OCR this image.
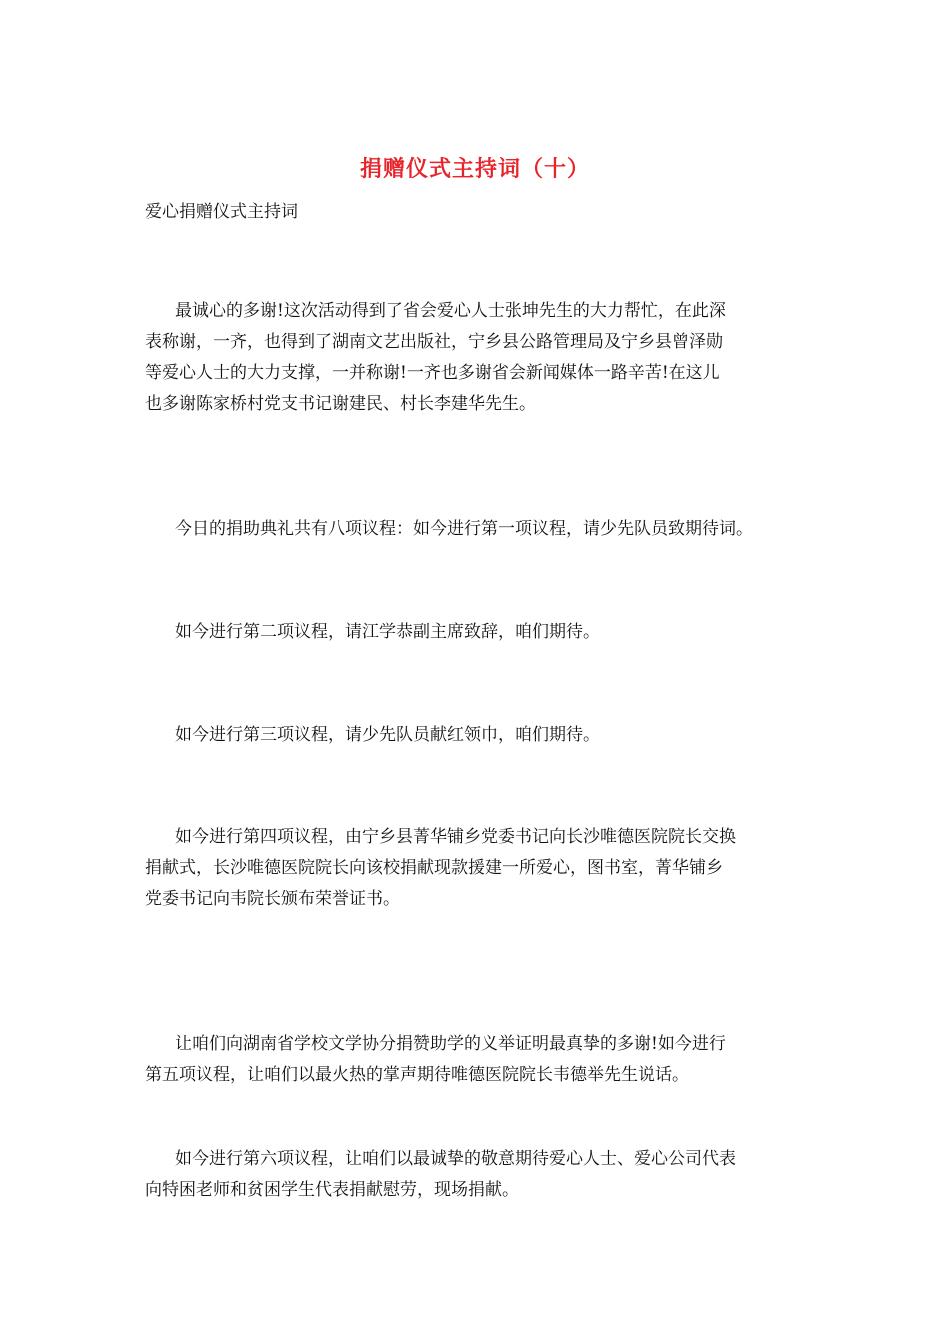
捐赠仪式主持词（十）
爱心捐赠仪式主持词
最诚心的多谢!这次活动得到了省会爱心人士张坤先生的大力帮忙，在此深
表称谢，一齐，也得到了湖南文艺出版社，宁乡县公路管理局及宁乡县曾泽勋
等爱心人士的大力支撑，一并称谢!一齐也多谢省会新闻媒体一路辛苦!在这儿
也多谢陈家桥村党支书记谢建民、村长李建华先生。
今日的捐助典礼共有八项议程：如今进行第一项议程，请少先队员致期待词。
如今进行第二项议程，请江学恭副主席致辞，咱们期待。
如今进行第三项议程，请少先队员献红领巾，咱们期待。
如今进行第四项议程，由宁乡县菁华铺乡党委书记向长沙唯德医院院长交换
捐献式，长沙唯德医院院长向该校捐献现款援建一所爱心，图书室，菁华铺乡
党委书记向韦院长颁布荣誉证书。
让咱们向湖南省学校文学协分捐赞助学的义举证明最真挚的多谢!如今进行
第五项议程，让咱们以最火热的掌声期待唯德医院院长韦德举先生说话。
如今进行第六项议程，让咱们以最诚挚的敬意期待爱心人士、爱心公司代表
向特困老师和贫困学生代表捐献慰劳，现场捐献。
